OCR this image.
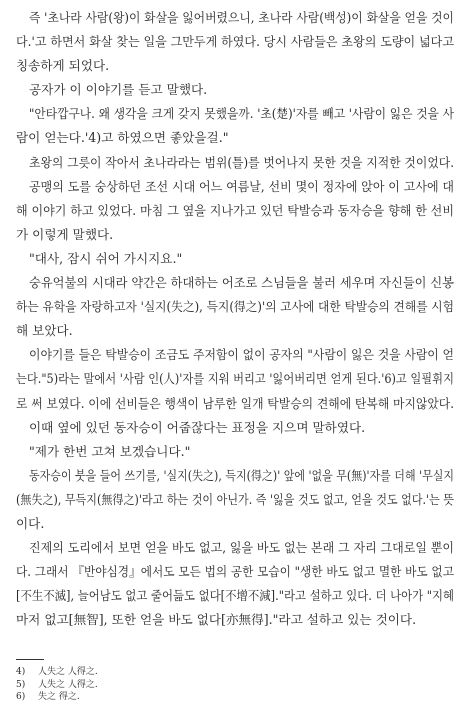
즉 '초나라 사람(왕)이 화살을 잃어버렸으니, 초나라 사람(백성)이 화살을 얻을 것이
다.'고 하면서 화살 찾는 일을 그만두게 하였다. 당시 사람들은 초왕의 도량이 넓다고
칭송하게 되었다.
공자가 이 이야기를 듣고 말했다.
"안타깝구나. 왜 생각을 크게 갖지 못했을까. '초(楚)'자를 빼고 '사람이 잃은 것을 사
람이 얻는다.'4)고 하였으면 좋았을걸."
초왕의 그릇이 작아서 초나라라는 범위(틀)를 벗어나지 못한 것을 지적한 것이었다.
공맹의 도를 숭상하던 조선 시대 어느 여름날, 선비 몇이 정자에 앉아 이 고사에 대
해 이야기 하고 있었다. 마침 그 옆을 지나가고 있던 탁발승과 동자승을 향해 한 선비
가 이렇게 말했다.
"대사, 잠시 쉬어 가시지요."
숭유억불의 시대라 약간은 하대하는 어조로 스님들을 불러 세우며 자신들이 신봉
하는 유학을 자랑하고자 '실지(失之), 득지(得之)'의 고사에 대한 탁발승의 견해를 시험
해 보았다.
이야기를 들은 탁발승이 조금도 주저함이 없이 공자의 "사람이 잃은 것을 사람이 얻
는다."5)라는 말에서 '사람 인(人)'자를 지워 버리고 '잃어버리면 얻게 된다.'6)고 일필휘지
로 써 보였다. 이에 선비들은 행색이 남루한 일개 탁발승의 견해에 탄복해 마지않았다.
이때 옆에 있던 동자승이 어줍잖다는 표정을 지으며 말하였다.
"제가 한번 고쳐 보겠습니다."
동자승이 붓을 들어 쓰기를, '실지(失之), 득지(得之)' 앞에 '없을 무(無)'자를 더해 '무실지
(無失之), 무득지(無得之)'라고 하는 것이 아닌가. 즉 '잃을 것도 없고, 얻을 것도 없다.'는 뜻
이다.
진제의 도리에서 보면 얻을 바도 없고, 잃을 바도 없는 본래 그 자리 그대로일 뿐이
다. 그래서 『반야심경』에서도 모든 법의 공한 모습이 "생한 바도 없고 멸한 바도 없고
[不生不滅], 늘어남도 없고 줄어듦도 없다[不增不減]."라고 설하고 있다. 더 나아가 "지혜
마저 없고[無智], 또한 얻을 바도 없다[亦無得]."라고 설하고 있는 것이다.
4) 人失之 人得之.
5) 人失之 人得之.
6) 失之 得之.
